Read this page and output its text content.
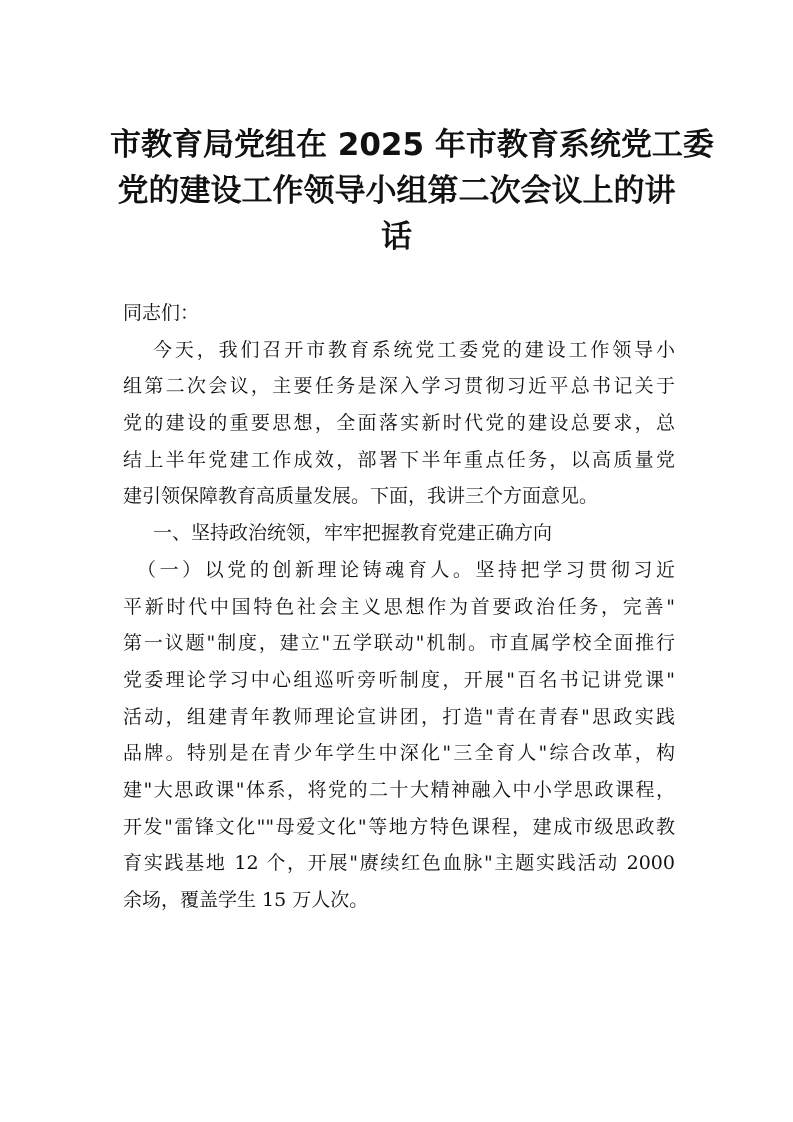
市教育局党组在 2025 年市教育系统党工委
党的建设工作领导小组第二次会议上的讲
话
同志们：
今天，我们召开市教育系统党工委党的建设工作领导小
组第二次会议，主要任务是深入学习贯彻习近平总书记关于
党的建设的重要思想，全面落实新时代党的建设总要求，总
结上半年党建工作成效，部署下半年重点任务，以高质量党
建引领保障教育高质量发展。下面，我讲三个方面意见。
一、坚持政治统领，牢牢把握教育党建正确方向
（一）以党的创新理论铸魂育人。坚持把学习贯彻习近
平新时代中国特色社会主义思想作为首要政治任务，完善"
第一议题"制度，建立"五学联动"机制。市直属学校全面推行
党委理论学习中心组巡听旁听制度，开展"百名书记讲党课"
活动，组建青年教师理论宣讲团，打造"青在青春"思政实践
品牌。特别是在青少年学生中深化"三全育人"综合改革，构
建"大思政课"体系，将党的二十大精神融入中小学思政课程，
开发"雷锋文化""母爱文化"等地方特色课程，建成市级思政教
育实践基地 12 个，开展"赓续红色血脉"主题实践活动 2000
余场，覆盖学生 15 万人次。
